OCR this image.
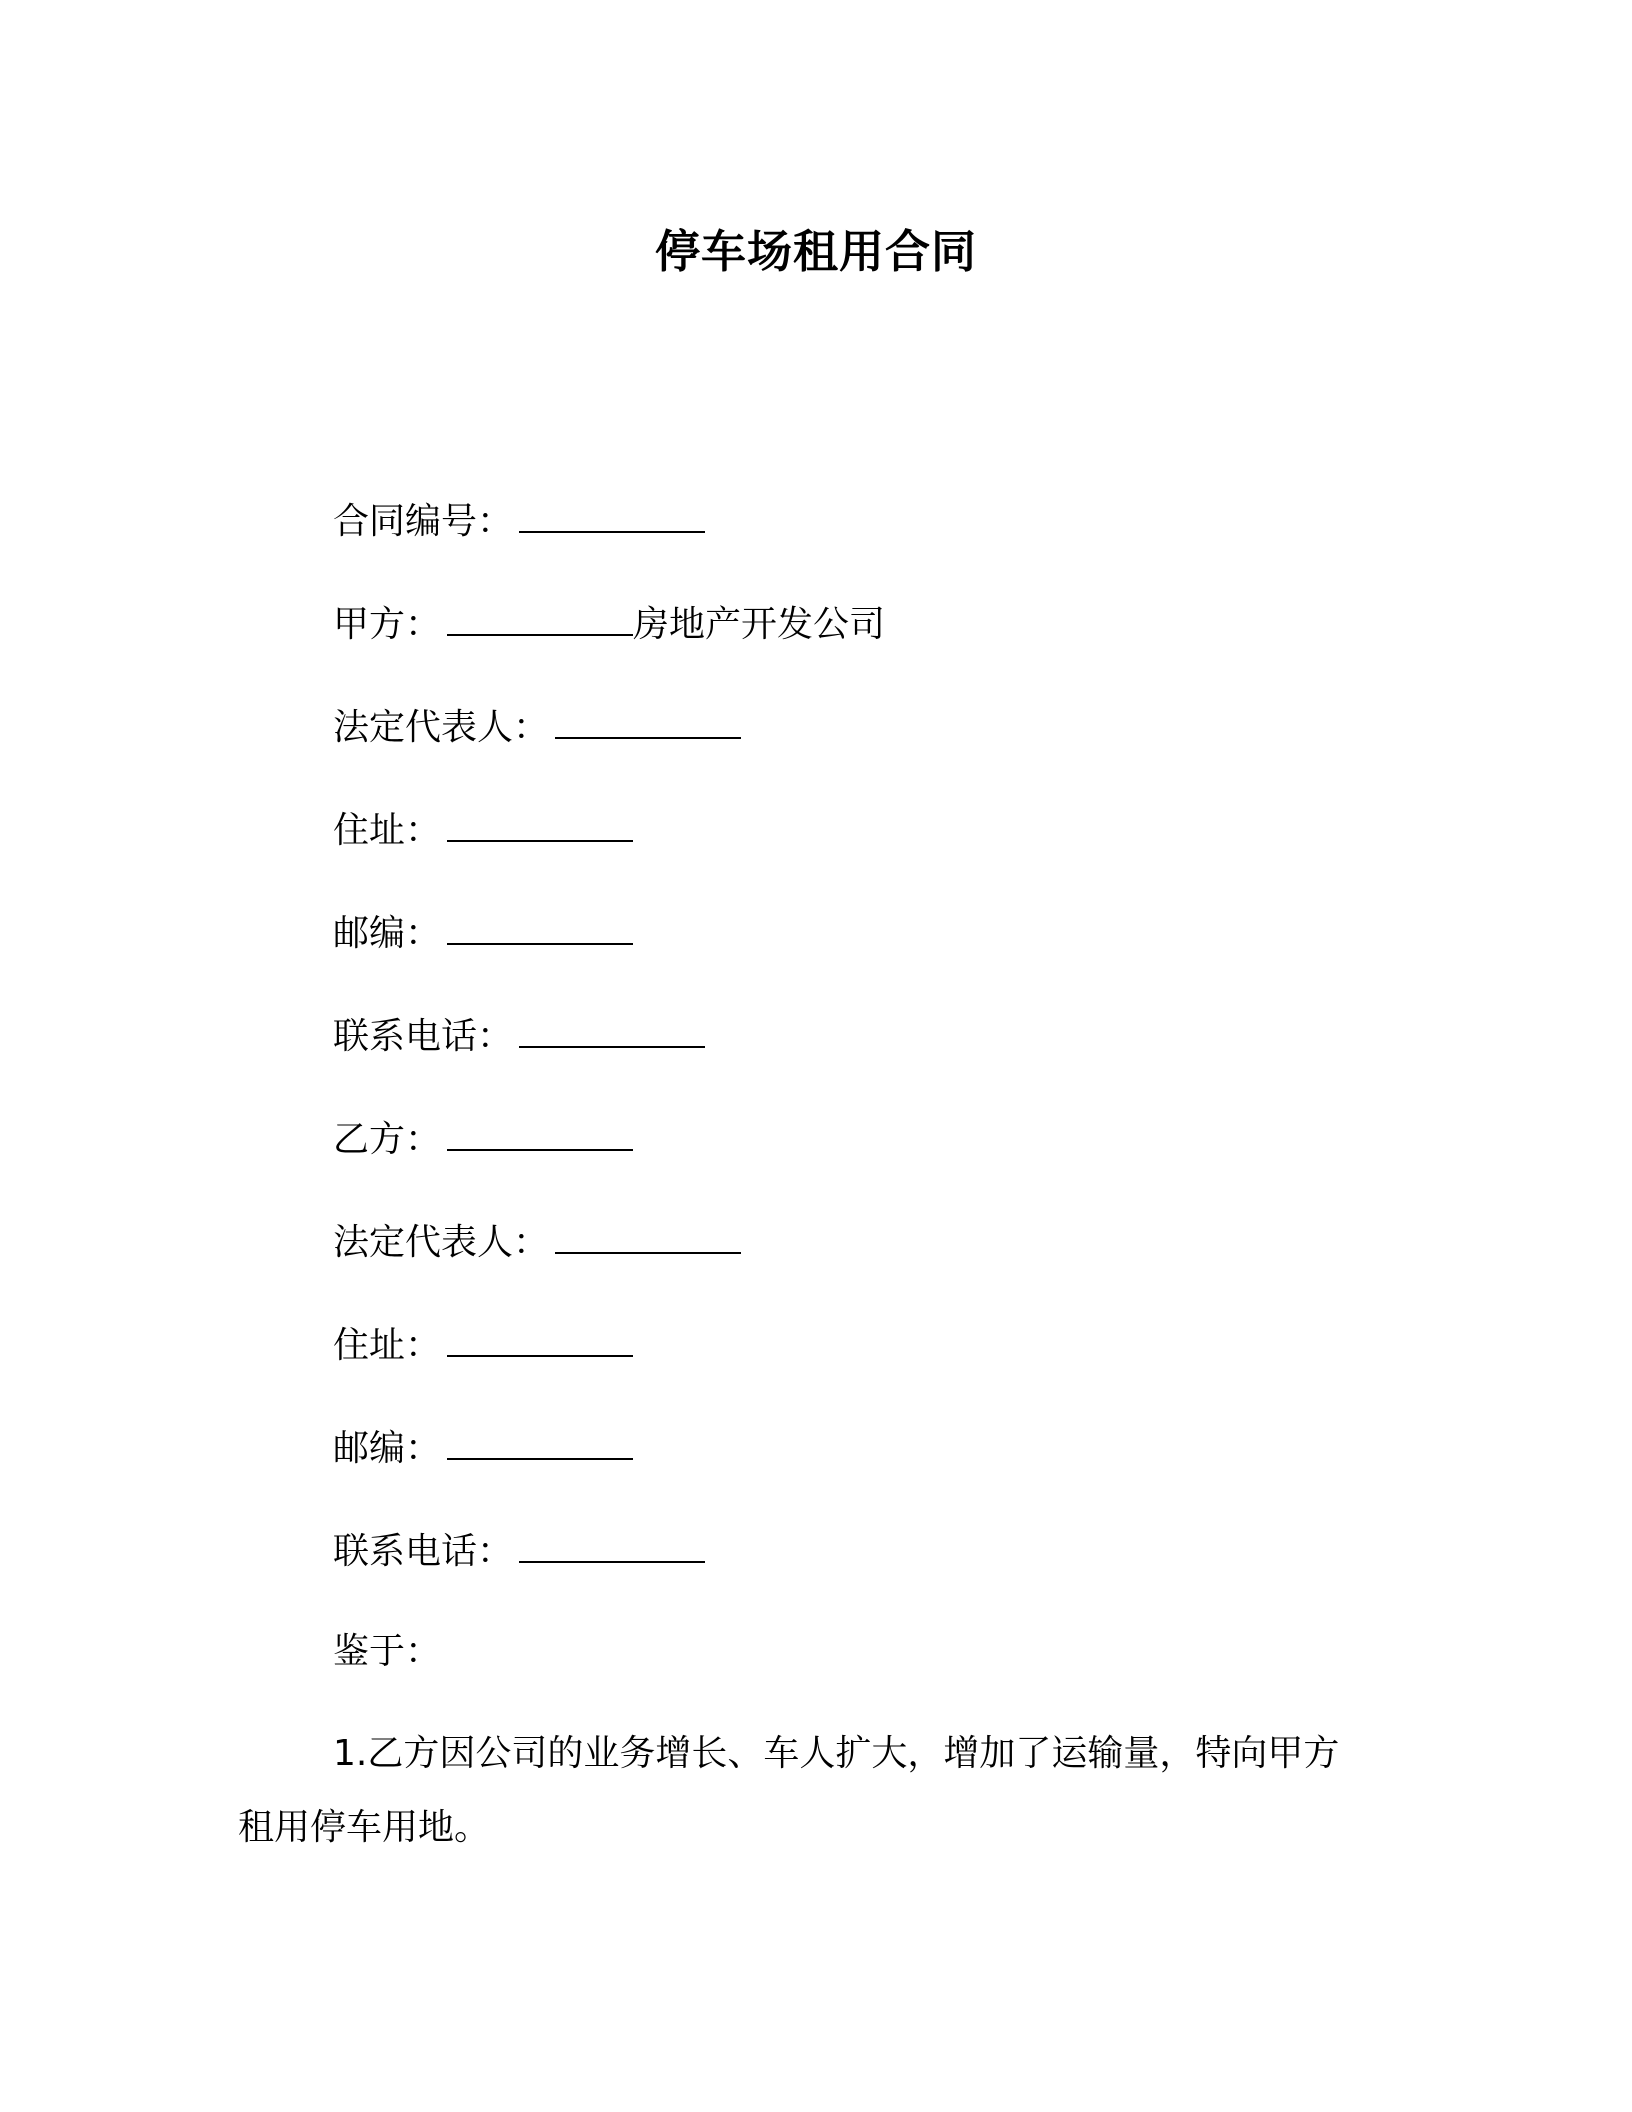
停车场租用合同
合同编号：
甲方：	房地产开发公司
法定代表人：
住址：
邮编：
联系电话：
乙方：
法定代表人：
住址：
邮编：
联系电话：
鉴于：
1.乙方因公司的业务增长、车人扩大，增加了运输量，特向甲方租用停车用地。
